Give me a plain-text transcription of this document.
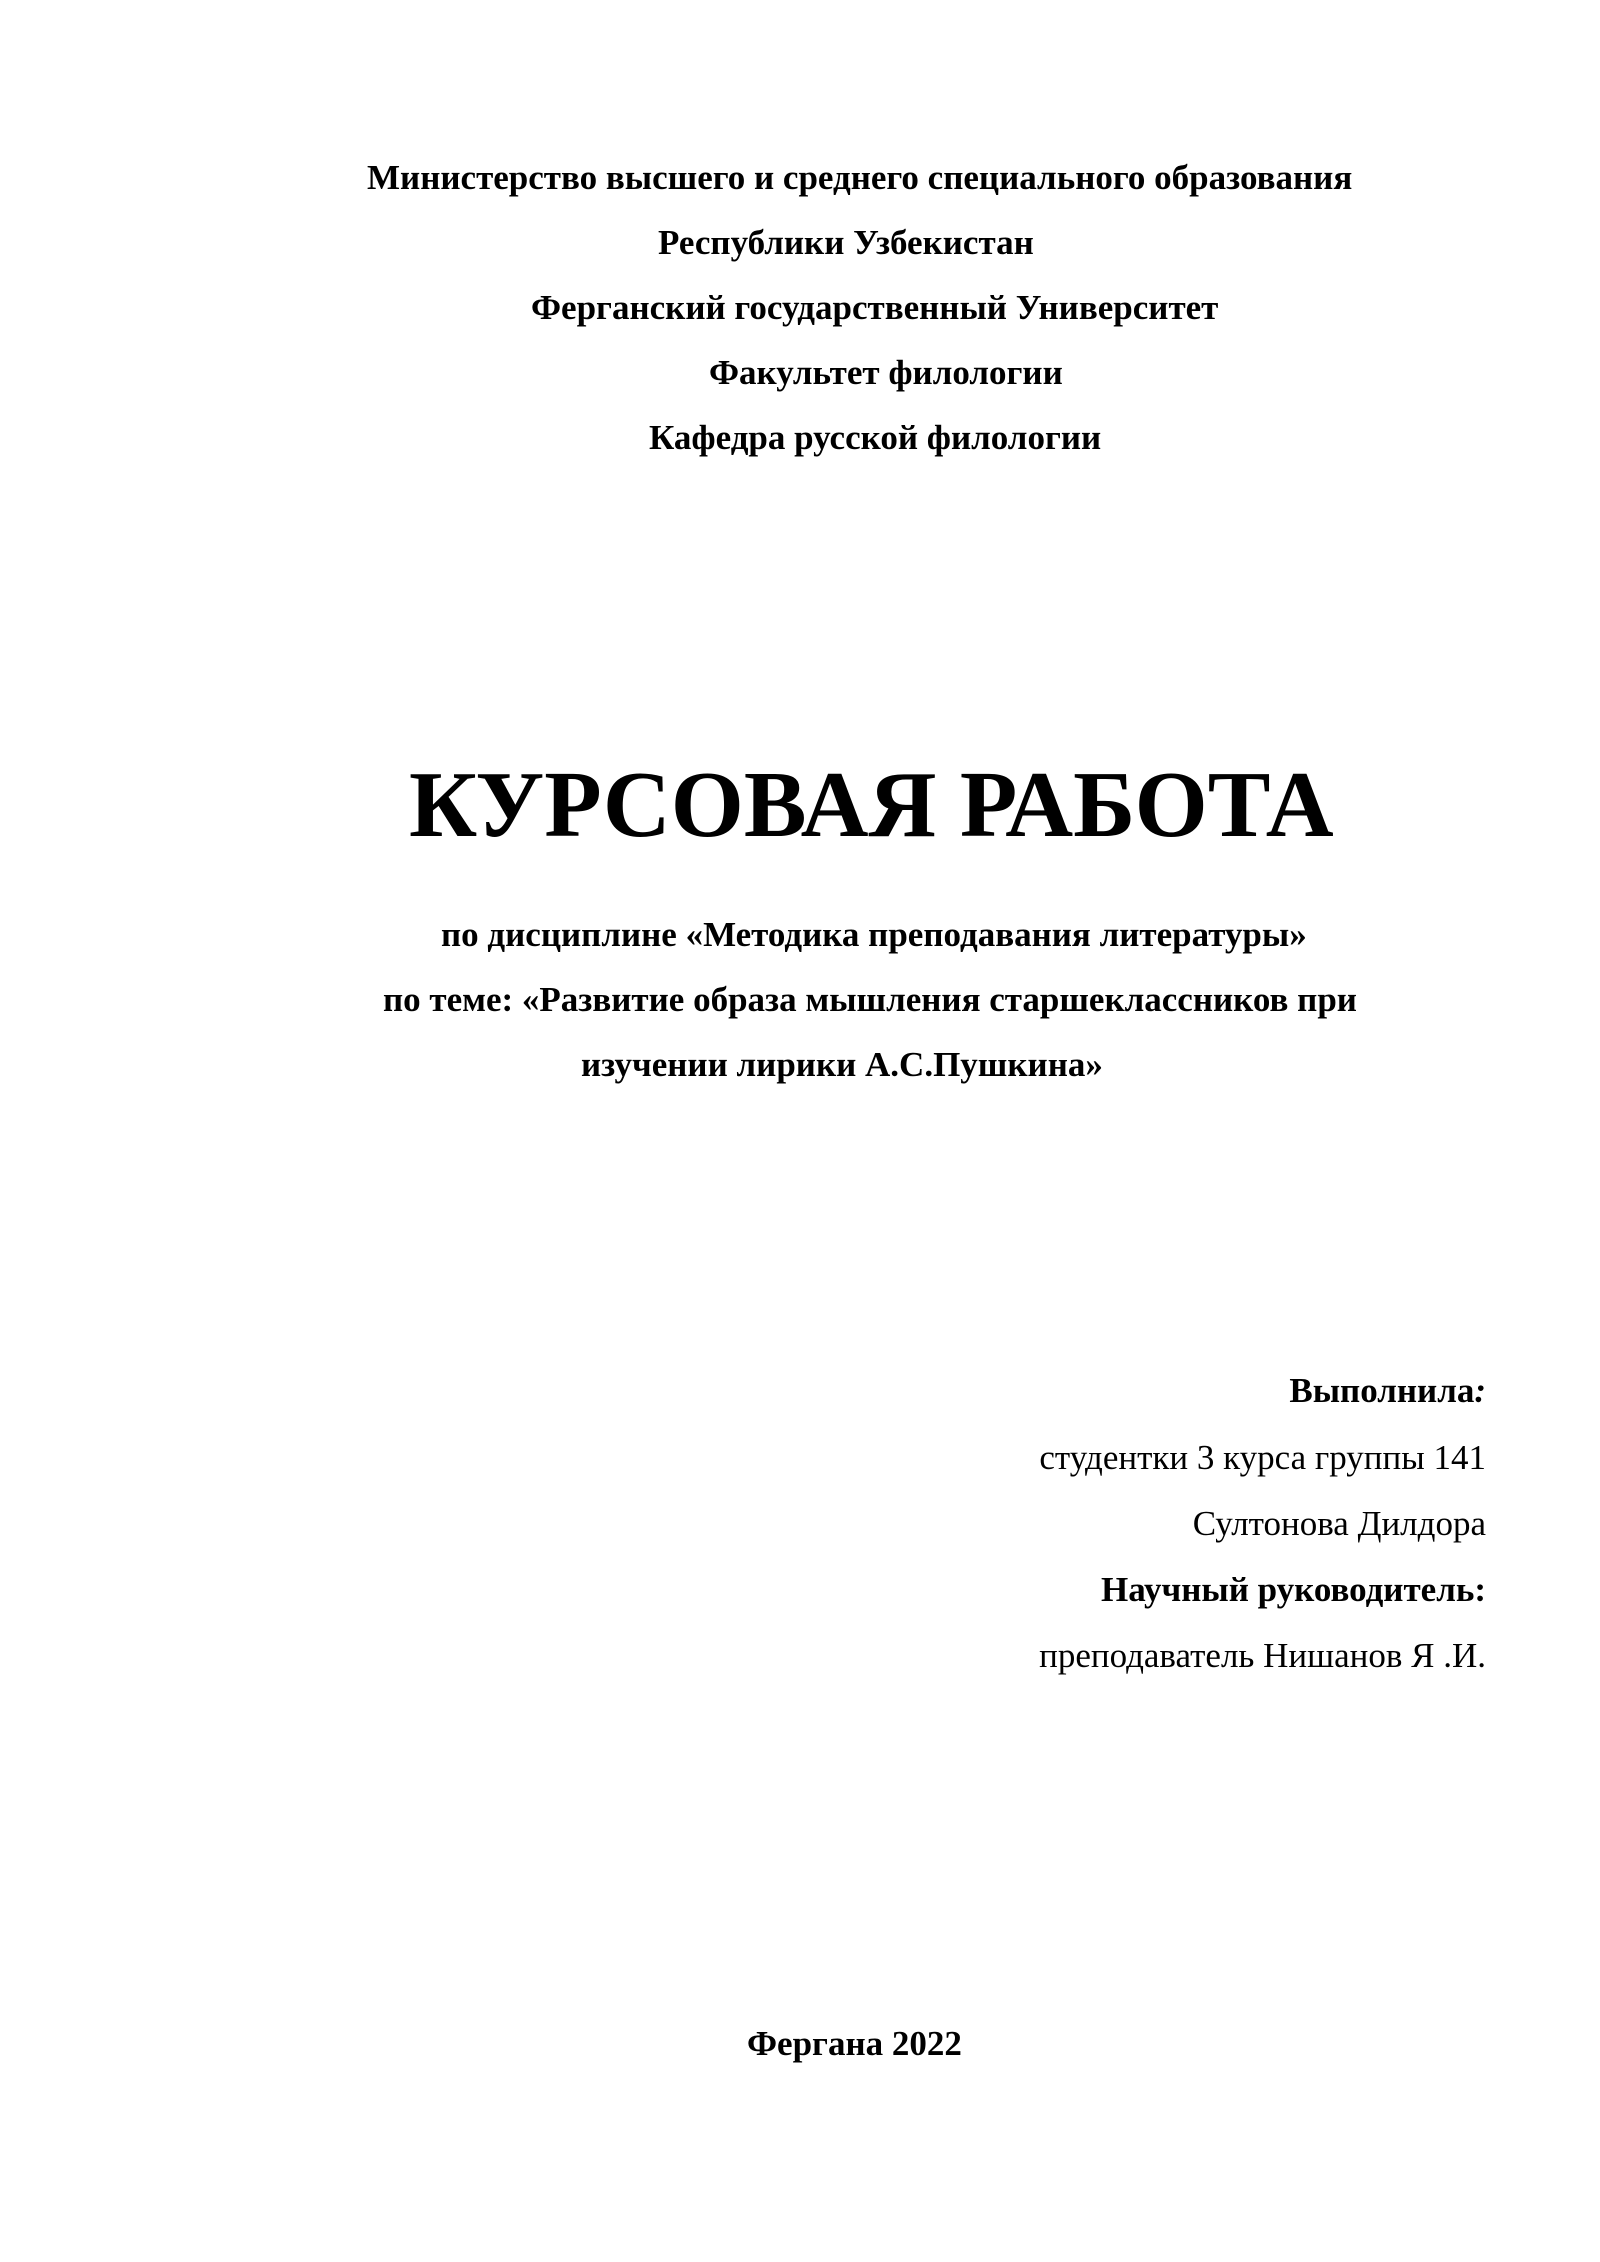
Министерство высшего и среднего специального образования
Республики Узбекистан
Ферганский государственный Университет
Факультет филологии
Кафедра русской филологии
КУРСОВАЯ РАБОТА
по дисциплине «Методика преподавания литературы»
по теме: «Развитие образа мышления старшеклассников при
изучении лирики А.С.Пушкина»
Выполнила:
студентки 3 курса группы 141
Султонова Дилдора
Научный руководитель:
преподаватель Нишанов Я .И.
Фергана 2022
